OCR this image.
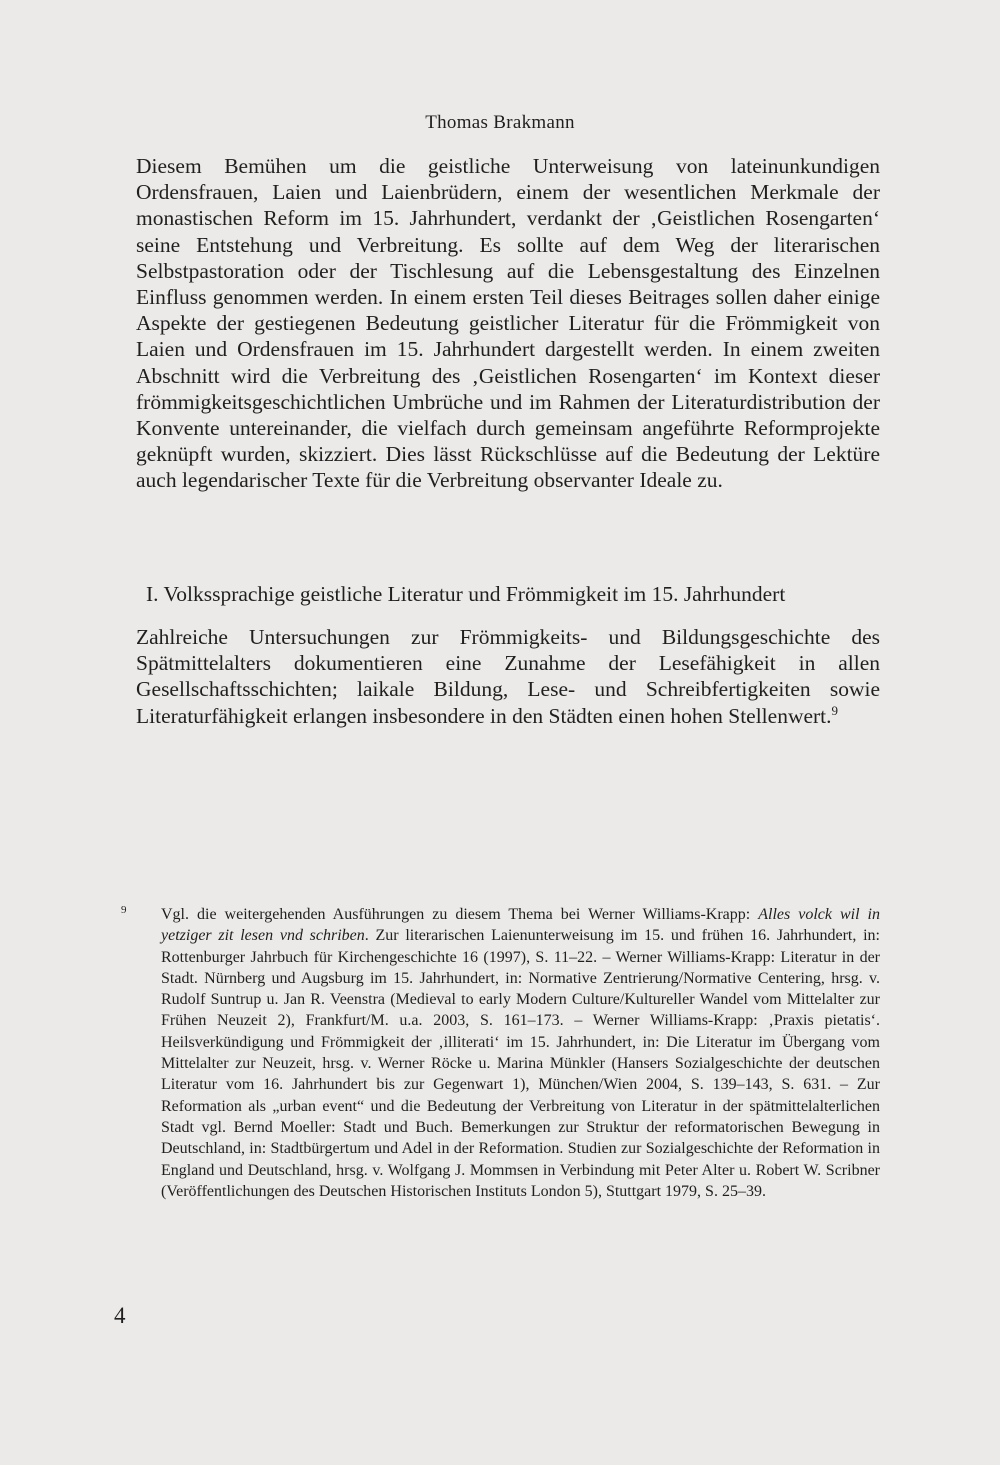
Thomas Brakmann
Diesem Bemühen um die geistliche Unterweisung von lateinunkundigen Ordensfrauen, Laien und Laienbrüdern, einem der wesentlichen Merkmale der monastischen Reform im 15. Jahrhundert, verdankt der ‚Geistlichen Rosengarten‘ seine Entstehung und Verbreitung. Es sollte auf dem Weg der literarischen Selbstpastoration oder der Tischlesung auf die Lebensgestaltung des Einzelnen Einfluss genommen werden. In einem ersten Teil dieses Beitrages sollen daher einige Aspekte der gestiegenen Bedeutung geistlicher Literatur für die Frömmigkeit von Laien und Ordensfrauen im 15. Jahrhundert dargestellt werden. In einem zweiten Abschnitt wird die Verbreitung des ‚Geistlichen Rosengarten‘ im Kontext dieser frömmigkeitsgeschichtlichen Umbrüche und im Rahmen der Literaturdistribution der Konvente untereinander, die vielfach durch gemeinsam angeführte Reformprojekte geknüpft wurden, skizziert. Dies lässt Rückschlüsse auf die Bedeutung der Lektüre auch legendarischer Texte für die Verbreitung observanter Ideale zu.
I. Volkssprachige geistliche Literatur und Frömmigkeit im 15. Jahrhundert
Zahlreiche Untersuchungen zur Frömmigkeits- und Bildungsgeschichte des Spätmittelalters dokumentieren eine Zunahme der Lesefähigkeit in allen Gesellschaftsschichten; laikale Bildung, Lese- und Schreibfertigkeiten sowie Literaturfähigkeit erlangen insbesondere in den Städten einen hohen Stellenwert.$^9$
9 Vgl. die weitergehenden Ausführungen zu diesem Thema bei Werner Williams-Krapp: Alles volck wil in yetziger zit lesen vnd schriben. Zur literarischen Laienunterweisung im 15. und frühen 16. Jahrhundert, in: Rottenburger Jahrbuch für Kirchengeschichte 16 (1997), S. 11–22. – Werner Williams-Krapp: Literatur in der Stadt. Nürnberg und Augsburg im 15. Jahrhundert, in: Normative Zentrierung/Normative Centering, hrsg. v. Rudolf Suntrup u. Jan R. Veenstra (Medieval to early Modern Culture/Kultureller Wandel vom Mittelalter zur Frühen Neuzeit 2), Frankfurt/M. u.a. 2003, S. 161–173. – Werner Williams-Krapp: ‚Praxis pietatis‘. Heilsverkündigung und Frömmigkeit der ‚illiterati‘ im 15. Jahrhundert, in: Die Literatur im Übergang vom Mittelalter zur Neuzeit, hrsg. v. Werner Röcke u. Marina Münkler (Hansers Sozialgeschichte der deutschen Literatur vom 16. Jahrhundert bis zur Gegenwart 1), München/Wien 2004, S. 139–143, S. 631. – Zur Reformation als „urban event“ und die Bedeutung der Verbreitung von Literatur in der spätmittelalterlichen Stadt vgl. Bernd Moeller: Stadt und Buch. Bemerkungen zur Struktur der reformatorischen Bewegung in Deutschland, in: Stadtbürgertum und Adel in der Reformation. Studien zur Sozialgeschichte der Reformation in England und Deutschland, hrsg. v. Wolfgang J. Mommsen in Verbindung mit Peter Alter u. Robert W. Scribner (Veröffentlichungen des Deutschen Historischen Instituts London 5), Stuttgart 1979, S. 25–39.
4
